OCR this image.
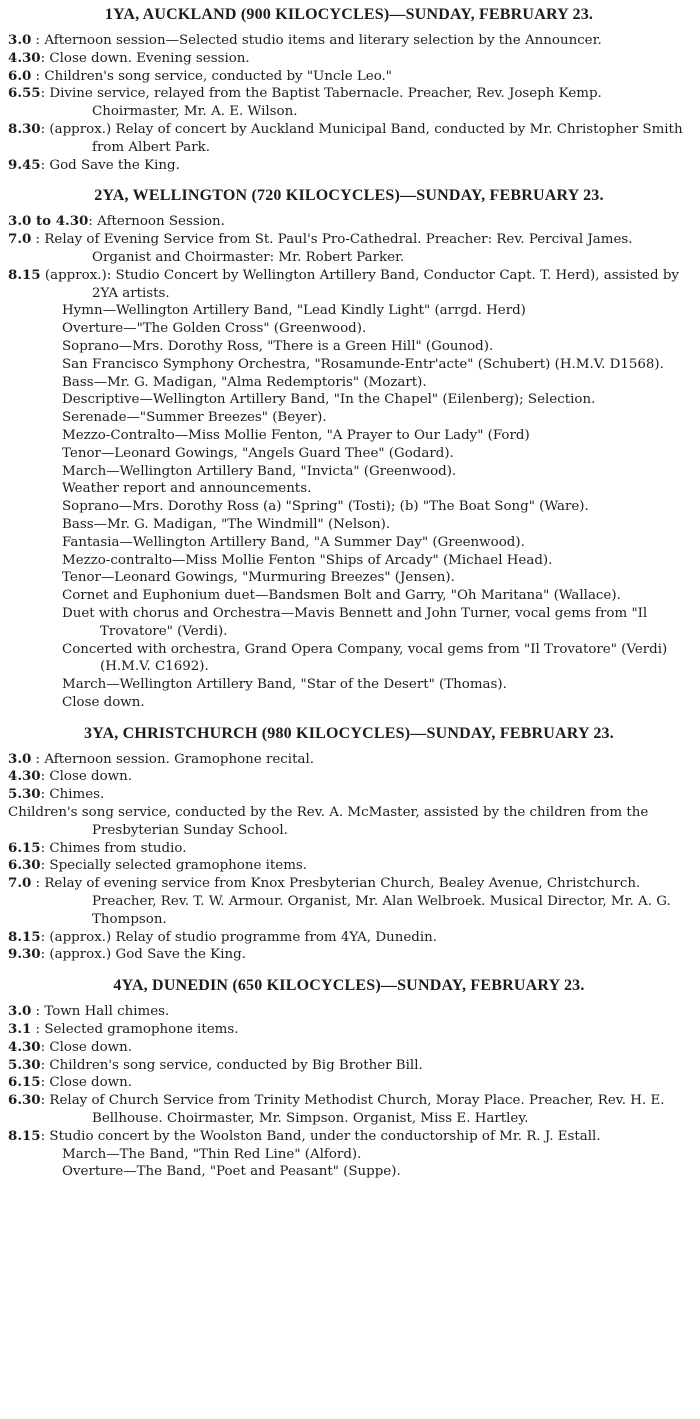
1YA, AUCKLAND (900 KILOCYCLES)—SUNDAY, FEBRUARY 23.
3.0 : Afternoon session—Selected studio items and literary selection by the Announcer.
4.30: Close down. Evening session.
6.0 : Children's song service, conducted by "Uncle Leo."
6.55: Divine service, relayed from the Baptist Tabernacle. Preacher, Rev. Joseph Kemp. Choirmaster, Mr. A. E. Wilson.
8.30: (approx.) Relay of concert by Auckland Municipal Band, conducted by Mr. Christopher Smith from Albert Park.
9.45: God Save the King.
2YA, WELLINGTON (720 KILOCYCLES)—SUNDAY, FEBRUARY 23.
3.0 to 4.30: Afternoon Session.
7.0 : Relay of Evening Service from St. Paul's Pro-Cathedral. Preacher: Rev. Percival James. Organist and Choirmaster: Mr. Robert Parker.
8.15 (approx.): Studio Concert by Wellington Artillery Band, Conductor Capt. T. Herd), assisted by 2YA artists.
Hymn—Wellington Artillery Band, "Lead Kindly Light" (arrgd. Herd)
Overture—"The Golden Cross" (Greenwood).
Soprano—Mrs. Dorothy Ross, "There is a Green Hill" (Gounod).
San Francisco Symphony Orchestra, "Rosamunde-Entr'acte" (Schubert) (H.M.V. D1568).
Bass—Mr. G. Madigan, "Alma Redemptoris" (Mozart).
Descriptive—Wellington Artillery Band, "In the Chapel" (Eilenberg); Selection.
Serenade—"Summer Breezes" (Beyer).
Mezzo-Contralto—Miss Mollie Fenton, "A Prayer to Our Lady" (Ford)
Tenor—Leonard Gowings, "Angels Guard Thee" (Godard).
March—Wellington Artillery Band, "Invicta" (Greenwood).
Weather report and announcements.
Soprano—Mrs. Dorothy Ross (a) "Spring" (Tosti); (b) "The Boat Song" (Ware).
Bass—Mr. G. Madigan, "The Windmill" (Nelson).
Fantasia—Wellington Artillery Band, "A Summer Day" (Greenwood).
Mezzo-contralto—Miss Mollie Fenton "Ships of Arcady" (Michael Head).
Tenor—Leonard Gowings, "Murmuring Breezes" (Jensen).
Cornet and Euphonium duet—Bandsmen Bolt and Garry, "Oh Maritana" (Wallace).
Duet with chorus and Orchestra—Mavis Bennett and John Turner, vocal gems from "Il Trovatore" (Verdi).
Concerted with orchestra, Grand Opera Company, vocal gems from "Il Trovatore" (Verdi) (H.M.V. C1692).
March—Wellington Artillery Band, "Star of the Desert" (Thomas).
Close down.
3YA, CHRISTCHURCH (980 KILOCYCLES)—SUNDAY, FEBRUARY 23.
3.0 : Afternoon session. Gramophone recital.
4.30: Close down.
5.30: Chimes.
Children's song service, conducted by the Rev. A. McMaster, assisted by the children from the Presbyterian Sunday School.
6.15: Chimes from studio.
6.30: Specially selected gramophone items.
7.0 : Relay of evening service from Knox Presbyterian Church, Bealey Avenue, Christchurch. Preacher, Rev. T. W. Armour. Organist, Mr. Alan Welbroek. Musical Director, Mr. A. G. Thompson.
8.15: (approx.) Relay of studio programme from 4YA, Dunedin.
9.30: (approx.) God Save the King.
4YA, DUNEDIN (650 KILOCYCLES)—SUNDAY, FEBRUARY 23.
3.0 : Town Hall chimes.
3.1 : Selected gramophone items.
4.30: Close down.
5.30: Children's song service, conducted by Big Brother Bill.
6.15: Close down.
6.30: Relay of Church Service from Trinity Methodist Church, Moray Place. Preacher, Rev. H. E. Bellhouse. Choirmaster, Mr. Simpson. Organist, Miss E. Hartley.
8.15: Studio concert by the Woolston Band, under the conductorship of Mr. R. J. Estall.
March—The Band, "Thin Red Line" (Alford).
Overture—The Band, "Poet and Peasant" (Suppe).
